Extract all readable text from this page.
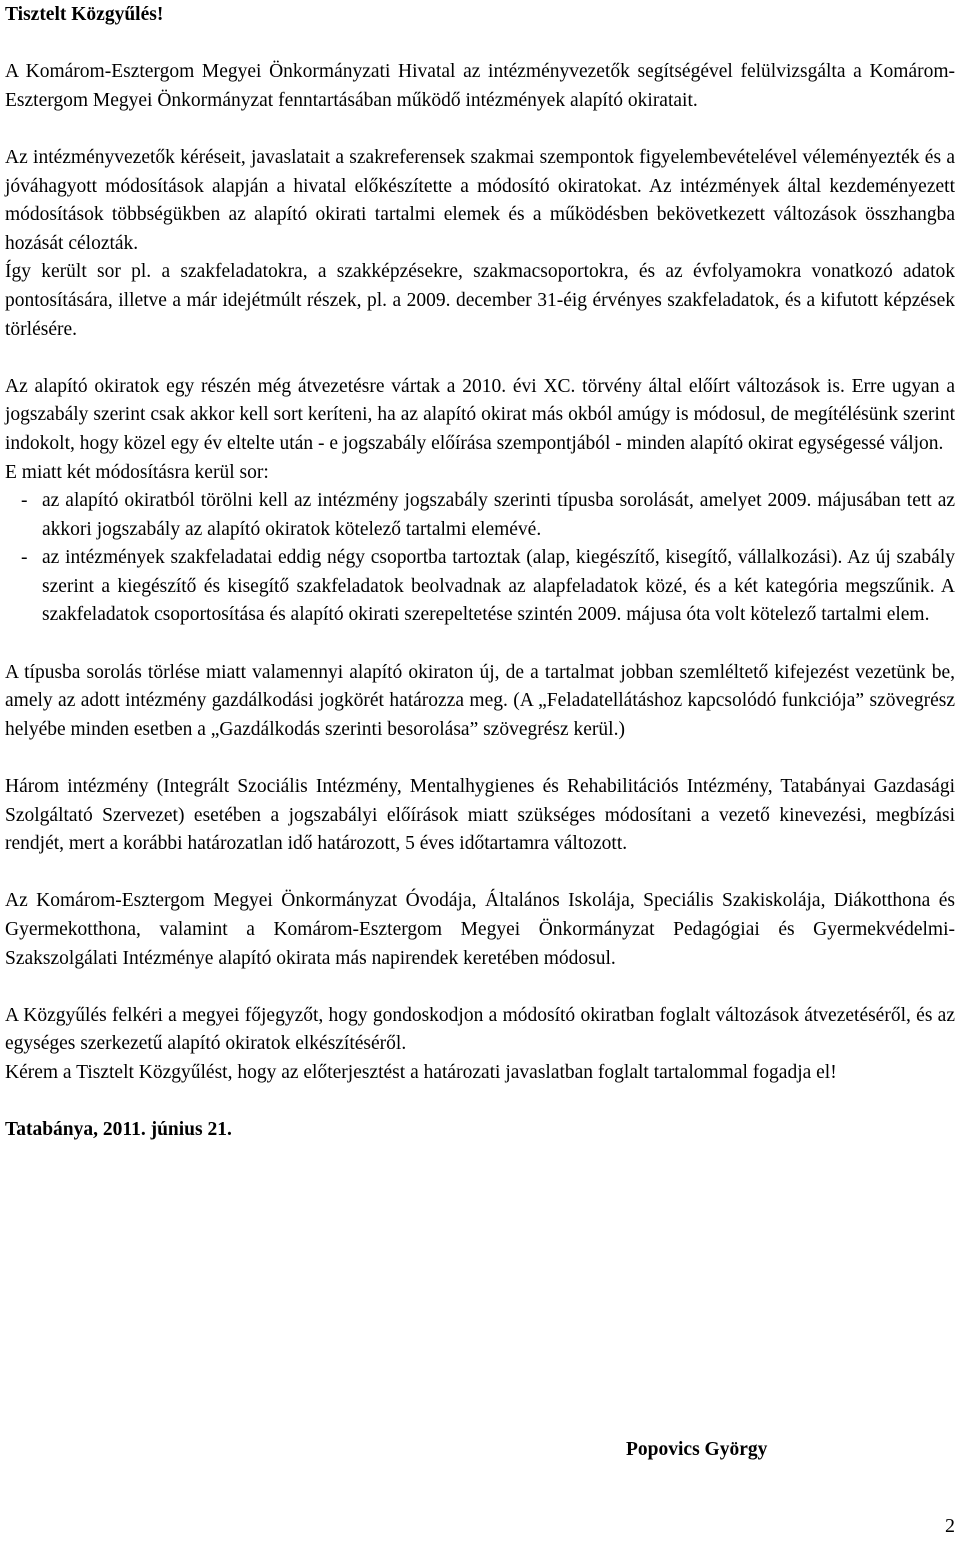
Tisztelt Közgyűlés!

A Komárom-Esztergom Megyei Önkormányzati Hivatal az intézményvezetők segítségével felülvizsgálta a Komárom-Esztergom Megyei Önkormányzat fenntartásában működő intézmények alapító okiratait.

Az intézményvezetők kéréseit, javaslatait a szakreferensek szakmai szempontok figyelembevételével véleményezték és a jóváhagyott módosítások alapján a hivatal előkészítette a módosító okiratokat. Az intézmények által kezdeményezett módosítások többségükben az alapító okirati tartalmi elemek és a működésben bekövetkezett változások összhangba hozását célozták.

Így került sor pl. a szakfeladatokra, a szakképzésekre, szakmacsoportokra, és az évfolyamokra vonatkozó adatok pontosítására, illetve a már idejétmúlt részek, pl. a 2009. december 31-éig érvényes szakfeladatok, és a kifutott képzések törlésére.

Az alapító okiratok egy részén még átvezetésre vártak a 2010. évi XC. törvény által előírt változások is. Erre ugyan a jogszabály szerint csak akkor kell sort keríteni, ha az alapító okirat más okból amúgy is módosul, de megítélésünk szerint indokolt, hogy közel egy év eltelte után - e jogszabály előírása szempontjából - minden alapító okirat egységessé váljon.

E miatt két módosításra kerül sor:

- az alapító okiratból törölni kell az intézmény jogszabály szerinti típusba sorolását, amelyet 2009. májusában tett az akkori jogszabály az alapító okiratok kötelező tartalmi elemévé.
- az intézmények szakfeladatai eddig négy csoportba tartoztak (alap, kiegészítő, kisegítő, vállalkozási). Az új szabály szerint a kiegészítő és kisegítő szakfeladatok beolvadnak az alapfeladatok közé, és a két kategória megszűnik. A szakfeladatok csoportosítása és alapító okirati szerepeltetése szintén 2009. májusa óta volt kötelező tartalmi elem.

A típusba sorolás törlése miatt valamennyi alapító okiraton új, de a tartalmat jobban szemléltető kifejezést vezetünk be, amely az adott intézmény gazdálkodási jogkörét határozza meg. (A „Feladatellátáshoz kapcsolódó funkciója” szövegrész helyébe minden esetben a „Gazdálkodás szerinti besorolása” szövegrész kerül.)

Három intézmény (Integrált Szociális Intézmény, Mentalhygienes és Rehabilitációs Intézmény, Tatabányai Gazdasági Szolgáltató Szervezet) esetében a jogszabályi előírások miatt szükséges módosítani a vezető kinevezési, megbízási rendjét, mert a korábbi határozatlan idő határozott, 5 éves időtartamra változott.

Az Komárom-Esztergom Megyei Önkormányzat Óvodája, Általános Iskolája, Speciális Szakiskolája, Diákotthona és Gyermekotthona, valamint a Komárom-Esztergom Megyei Önkormányzat Pedagógiai és Gyermekvédelmi-Szakszolgálati Intézménye alapító okirata más napirendek keretében módosul.

A Közgyűlés felkéri a megyei főjegyzőt, hogy gondoskodjon a módosító okiratban foglalt változások átvezetéséről, és az egységes szerkezetű alapító okiratok elkészítéséről.

Kérem a Tisztelt Közgyűlést, hogy az előterjesztést a határozati javaslatban foglalt tartalommal fogadja el!

Tatabánya, 2011. június 21.

Popovics György
2
